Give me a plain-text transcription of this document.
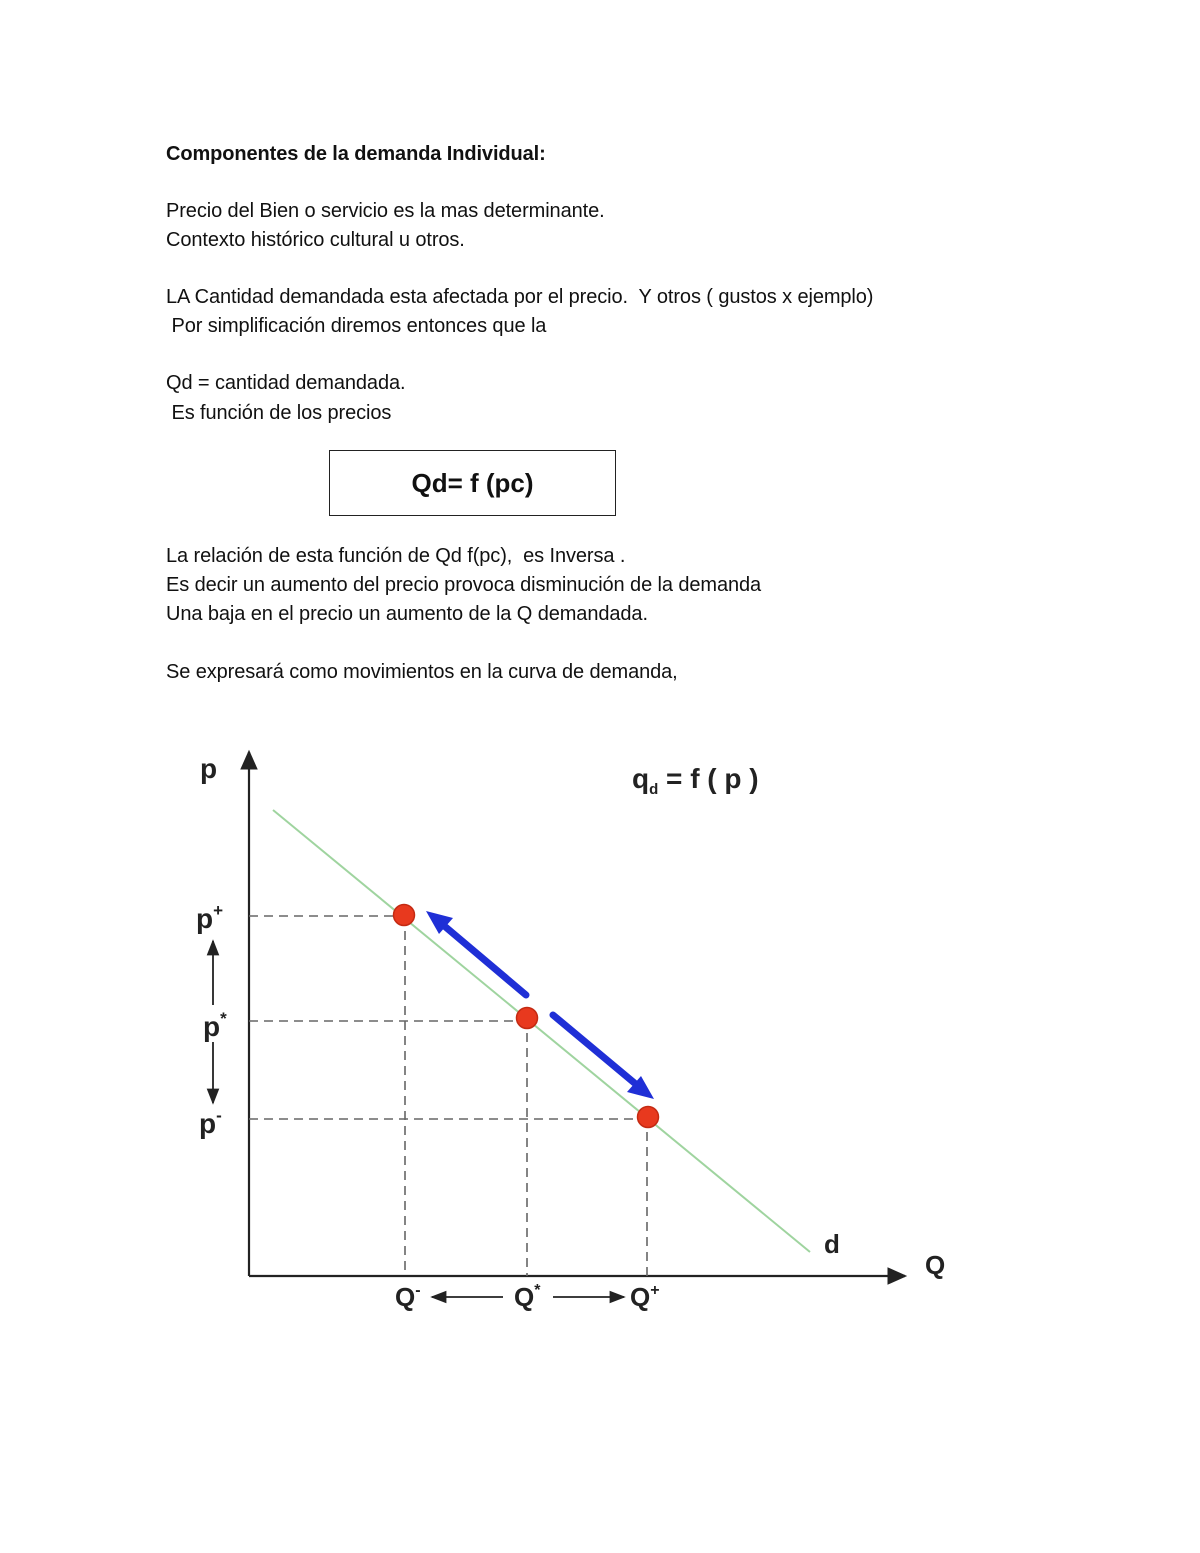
Componentes de la demanda Individual:
Precio del Bien o servicio es la mas determinante.
Contexto histórico cultural u otros.
LA Cantidad demandada esta afectada por el precio.  Y otros ( gustos x ejemplo)
Por simplificación diremos entonces que la
Qd = cantidad demandada.
Es función de los precios
Qd= f (pc)
La relación de esta función de Qd f(pc),  es Inversa .
Es decir un aumento del precio provoca disminución de la demanda
Una baja en el precio un aumento de la Q demandada.
Se expresará como movimientos en la curva de demanda,
p
Q
$q_d = f$ ( p )
d
p+
p*
p-
Q-	Q*	Q+
